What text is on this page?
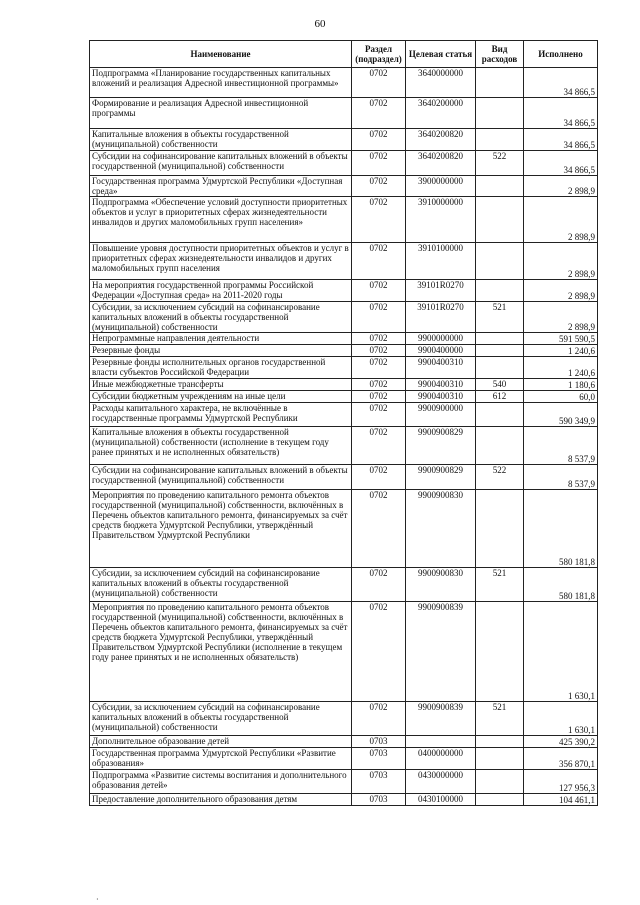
60
Наименование	Раздел (подраздел)	Целевая статья	Вид расходов	Исполнено
Подпрограмма «Планирование государственных капитальных вложений и реализация Адресной инвестиционной программы»	0702	3640000000		34 866,5
Формирование и реализация Адресной инвестиционной программы	0702	3640200000		34 866,5
Капитальные вложения в объекты государственной (муниципальной) собственности	0702	3640200820		34 866,5
Субсидии на софинансирование капитальных вложений в объекты государственной (муниципальной) собственности	0702	3640200820	522	34 866,5
Государственная программа Удмуртской Республики «Доступная среда»	0702	3900000000		2 898,9
Подпрограмма «Обеспечение условий доступности приоритетных объектов и услуг в приоритетных сферах жизнедеятельности инвалидов и других маломобильных групп населения»	0702	3910000000		2 898,9
Повышение уровня доступности приоритетных объектов и услуг в приоритетных сферах жизнедеятельности инвалидов и других маломобильных групп населения	0702	3910100000		2 898,9
На мероприятия государственной программы Российской Федерации «Доступная среда» на 2011-2020 годы	0702	39101R0270		2 898,9
Субсидии, за исключением субсидий на софинансирование капитальных вложений в объекты государственной (муниципальной) собственности	0702	39101R0270	521	2 898,9
Непрограммные направления деятельности	0702	9900000000		591 590,5
Резервные фонды	0702	9900400000		1 240,6
Резервные фонды исполнительных органов государственной власти субъектов Российской Федерации	0702	9900400310		1 240,6
Иные межбюджетные трансферты	0702	9900400310	540	1 180,6
Субсидии бюджетным учреждениям на иные цели	0702	9900400310	612	60,0
Расходы капитального характера, не включённые в государственные программы Удмуртской Республики	0702	9900900000		590 349,9
Капитальные вложения в объекты государственной (муниципальной) собственности (исполнение в текущем году ранее принятых и не исполненных обязательств)	0702	9900900829		8 537,9
Субсидии на софинансирование капитальных вложений в объекты государственной (муниципальной) собственности	0702	9900900829	522	8 537,9
Мероприятия по проведению капитального ремонта объектов государственной (муниципальной) собственности, включённых в Перечень объектов капитального ремонта, финансируемых за счёт средств бюджета Удмуртской Республики, утверждённый Правительством Удмуртской Республики	0702	9900900830		580 181,8
Субсидии, за исключением субсидий на софинансирование капитальных вложений в объекты государственной (муниципальной) собственности	0702	9900900830	521	580 181,8
Мероприятия по проведению капитального ремонта объектов государственной (муниципальной) собственности, включённых в Перечень объектов капитального ремонта, финансируемых за счёт средств бюджета Удмуртской Республики, утверждённый Правительством Удмуртской Республики (исполнение в текущем году ранее принятых и не исполненных обязательств)	0702	9900900839		1 630,1
Субсидии, за исключением субсидий на софинансирование капитальных вложений в объекты государственной (муниципальной) собственности	0702	9900900839	521	1 630,1
Дополнительное образование детей	0703			425 390,2
Государственная программа Удмуртской Республики «Развитие образования»	0703	0400000000		356 870,1
Подпрограмма «Развитие системы воспитания и дополнительного образования детей»	0703	0430000000		127 956,3
Предоставление дополнительного образования детям	0703	0430100000		104 461,1
·
